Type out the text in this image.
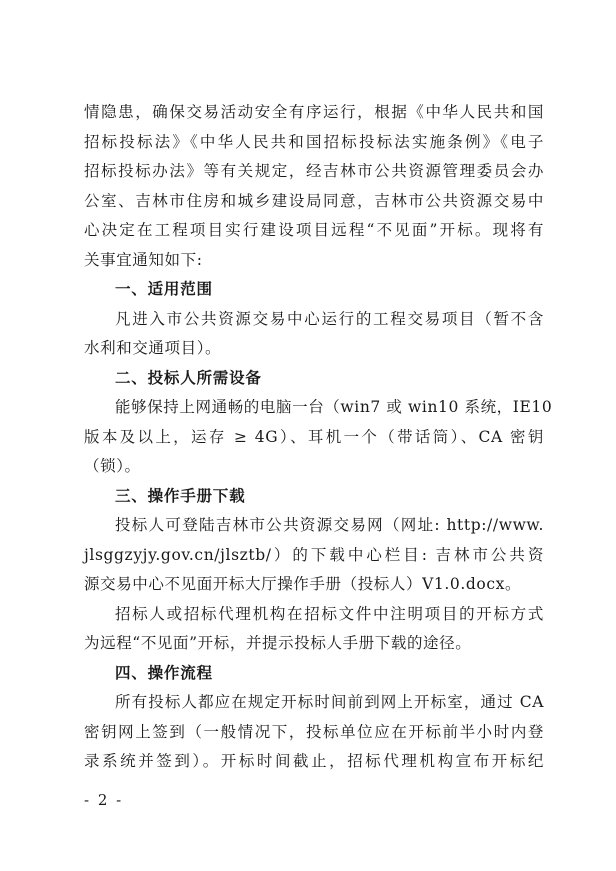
情隐患，确保交易活动安全有序运行，根据《中华人民共和国
招标投标法》《中华人民共和国招标投标法实施条例》《电子
招标投标办法》等有关规定，经吉林市公共资源管理委员会办
公室、吉林市住房和城乡建设局同意，吉林市公共资源交易中
心决定在工程项目实行建设项目远程“不见面”开标。现将有
关事宜通知如下:
一、适用范围
凡进入市公共资源交易中心运行的工程交易项目（暂不含
水利和交通项目）。
二、投标人所需设备
能够保持上网通畅的电脑一台（win7 或 win10 系统，IE10
版本及以上，运存 ≥ 4G）、耳机一个（带话筒）、CA 密钥
（锁）。
三、操作手册下载
投标人可登陆吉林市公共资源交易网（网址: http://www.
jlsggzyjy.gov.cn/jlsztb/）的下载中心栏目: 吉林市公共资
源交易中心不见面开标大厅操作手册（投标人）V1.0.docx。
招标人或招标代理机构在招标文件中注明项目的开标方式
为远程“不见面”开标，并提示投标人手册下载的途径。
四、操作流程
所有投标人都应在规定开标时间前到网上开标室，通过 CA
密钥网上签到（一般情况下，投标单位应在开标前半小时内登
录系统并签到）。开标时间截止，招标代理机构宣布开标纪
- 2 -
